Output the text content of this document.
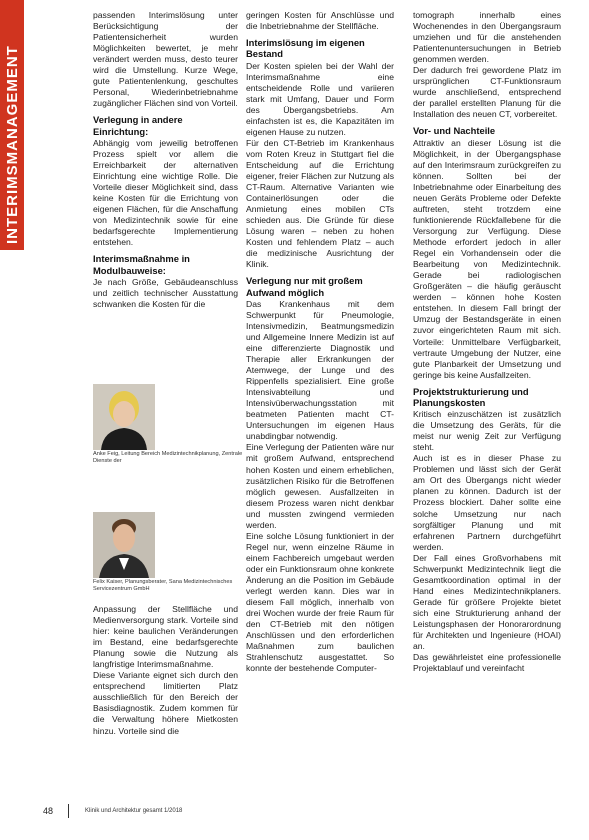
INTERIMSMANAGEMENT

passenden Interimslösung unter Berücksichtigung der Patientensicherheit wurden Möglichkeiten bewertet, je mehr verändert werden muss, desto teurer wird die Umstellung. Kurze Wege, gute Patientenlenkung, geschultes Personal, Wiederinbetriebnahme zugänglicher Flächen sind von Vorteil.

Verlegung in andere Einrichtung:

Abhängig vom jeweilig betroffenen Prozess spielt vor allem die Erreichbarkeit der alternativen Einrichtung eine wichtige Rolle. Die Vorteile dieser Möglichkeit sind, dass keine Kosten für die Errichtung von eigenen Flächen, für die Anschaffung von Medizintechnik sowie für eine bedarfsgerechte Implementierung entstehen.

Interimsmaßnahme in Modulbauweise:

Je nach Größe, Gebäudeanschluss und zeitlich technischer Ausstattung schwanken die Kosten für die

Anke Feig, Leitung Bereich Medizintechnikplanung, Zentrale Dienste der
Felix Kaiser, Planungsberater, Sana Medizintechnisches Servicezentrum GmbH

Anpassung der Stellfläche und Medienversorgung stark. Vorteile sind hier: keine baulichen Veränderungen im Bestand, eine bedarfsgerechte Planung sowie die Nutzung als langfristige Interimsmaßnahme.

Diese Variante eignet sich durch den entsprechend limitierten Platz ausschließlich für den Bereich der Basisdiagnostik. Zudem kommen für die Verwaltung höhere Mietkosten hinzu. Vorteile sind die

geringen Kosten für Anschlüsse und die Inbetriebnahme der Stellfläche.

Interimslösung im eigenen Bestand

Der Kosten spielen bei der Wahl der Interimsmaßnahme eine entscheidende Rolle und variieren stark mit Umfang, Dauer und Form des Übergangsbetriebs. Am einfachsten ist es, die Kapazitäten im eigenen Hause zu nutzen.

Für den CT-Betrieb im Krankenhaus vom Roten Kreuz in Stuttgart fiel die Entscheidung auf die Errichtung eigener, freier Flächen zur Nutzung als CT-Raum. Alternative Varianten wie Containerlösungen oder die Anmietung eines mobilen CTs schieden aus. Die Gründe für diese Lösung waren – neben zu hohen Kosten und fehlendem Platz – auch die medizinische Ausrichtung der Klinik.

Verlegung nur mit großem Aufwand möglich

Das Krankenhaus mit dem Schwerpunkt für Pneumologie, Intensivmedizin, Beatmungsmedizin und Allgemeine Innere Medizin ist auf eine differenzierte Diagnostik und Therapie aller Erkrankungen der Atemwege, der Lunge und des Rippenfells spezialisiert. Eine große Intensivabteilung und Intensivüberwachungsstation mit beatmeten Patienten macht CT-Untersuchungen im eigenen Haus unabdingbar notwendig.

Eine Verlegung der Patienten wäre nur mit großem Aufwand, entsprechend hohen Kosten und einem erheblichen, zusätzlichen Risiko für die Betroffenen möglich gewesen. Ausfallzeiten in diesem Prozess waren nicht denkbar und mussten zwingend vermieden werden.

Eine solche Lösung funktioniert in der Regel nur, wenn einzelne Räume in einem Fachbereich umgebaut werden oder ein Funktionsraum ohne konkrete Änderung an die Position im Gebäude verlegt werden kann. Dies war in diesem Fall möglich, innerhalb von drei Wochen wurde der freie Raum für den CT-Betrieb mit den nötigen Anschlüssen und den erforderlichen Maßnahmen zum baulichen Strahlenschutz ausgestattet. So konnte der bestehende Computer-

tomograph innerhalb eines Wochenendes in den Übergangsraum umziehen und für die anstehenden Patientenuntersuchungen in Betrieb genommen werden.

Der dadurch frei gewordene Platz im ursprünglichen CT-Funktionsraum wurde anschließend, entsprechend der parallel erstellten Planung für die Installation des neuen CT, vorbereitet.

Vor- und Nachteile

Attraktiv an dieser Lösung ist die Möglichkeit, in der Übergangsphase auf den Interimsraum zurückgreifen zu können. Sollten bei der Inbetriebnahme oder Einarbeitung des neuen Geräts Probleme oder Defekte auftreten, steht trotzdem eine funktionierende Rückfallebene für die Versorgung zur Verfügung. Diese Methode erfordert jedoch in aller Regel ein Vorhandensein oder die Bearbeitung von Medizintechnik. Gerade bei radiologischen Großgeräten – die häufig geräuscht werden – können hohe Kosten entstehen. In diesem Fall bringt der Umzug der Bestandsgeräte in einen zuvor eingerichteten Raum mit sich. Vorteile: Unmittelbare Verfügbarkeit, vertraute Umgebung der Nutzer, eine gute Planbarkeit der Umsetzung und geringe bis keine Ausfallzeiten.

Projektstrukturierung und Planungskosten

Kritisch einzuschätzen ist zusätzlich die Umsetzung des Geräts, für die meist nur wenig Zeit zur Verfügung steht.

Auch ist es in dieser Phase zu Problemen und lässt sich der Gerät am Ort des Übergangs nicht wieder planen zu können. Dadurch ist der Prozess blockiert. Daher sollte eine solche Umsetzung nur nach sorgfältiger Planung und mit erfahrenen Partnern durchgeführt werden.

Der Fall eines Großvorhabens mit Schwerpunkt Medizintechnik liegt die Gesamtkoordination optimal in der Hand eines Medizintechnikplaners. Gerade für größere Projekte bietet sich eine Strukturierung anhand der Leistungsphasen der Honorarordnung für Architekten und Ingenieure (HOAI) an.

Das gewährleistet eine professionelle Projektablauf und vereinfacht

48	Klinik und Architektur gesamt 1/2018
